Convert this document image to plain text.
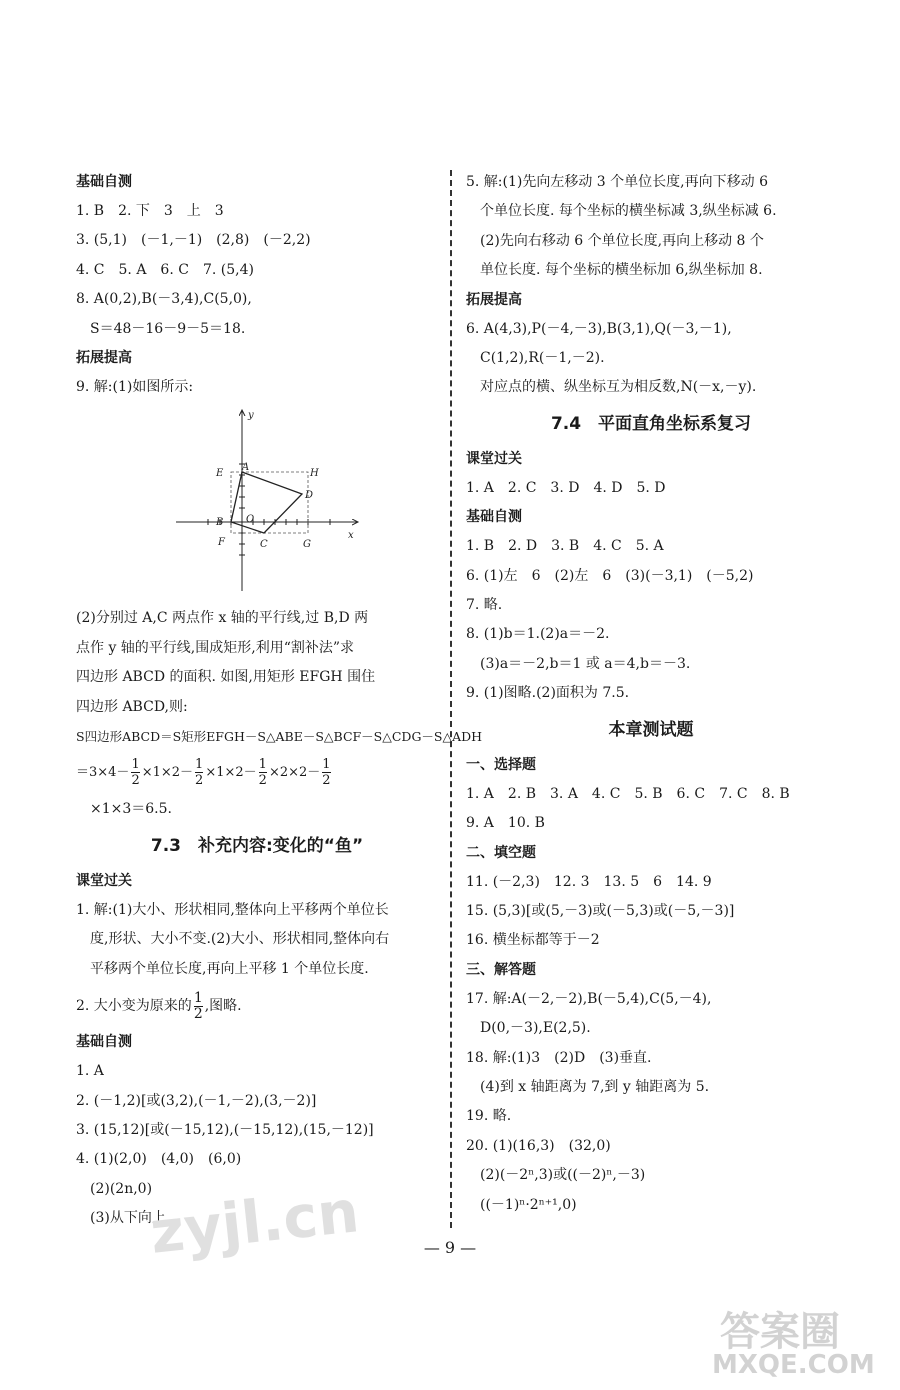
基础自测
1. B　2. 下　3　上　3
3. (5,1)　(－1,－1)　(2,8)　(－2,2)
4. C　5. A　6. C　7. (5,4)
8. A(0,2),B(－3,4),C(5,0),
S＝48－16－9－5＝18.
拓展提高
9. 解:(1)如图所示:
y
x
E
A
H
D
B O
F	C	G
(2)分别过 A,C 两点作 x 轴的平行线,过 B,D 两
点作 y 轴的平行线,围成矩形,利用“割补法”求
四边形 ABCD 的面积. 如图,用矩形 EFGH 围住
四边形 ABCD,则:
S四边形ABCD＝S矩形EFGH－S△ABE－S△BCF－S△CDG－S△ADH
$=3\times 4- \frac{1}{2} \times 1\times 2- \frac{1}{2} \times 1\times 2- \frac{1}{2} \times 2\times 2- \frac{1}{2}$
×1×3＝6.5.
7.3　补充内容:变化的“鱼”
课堂过关
1. 解:(1)大小、形状相同,整体向上平移两个单位长
度,形状、大小不变.(2)大小、形状相同,整体向右
平移两个单位长度,再向上平移 1 个单位长度.
2. 大小变为原来的 $\frac{1}{2}$ ,图略.
基础自测
1. A
2. (－1,2)[或(3,2),(－1,－2),(3,－2)]
3. (15,12)[或(－15,12),(－15,12),(15,－12)]
4. (1)(2,0)　(4,0)　(6,0)
(2)(2n,0)
(3)从下向上.
5. 解:(1)先向左移动 3 个单位长度,再向下移动 6
个单位长度. 每个坐标的横坐标减 3,纵坐标减 6.
(2)先向右移动 6 个单位长度,再向上移动 8 个
单位长度. 每个坐标的横坐标加 6,纵坐标加 8.
拓展提高
6. A(4,3),P(－4,－3),B(3,1),Q(－3,－1),
C(1,2),R(－1,－2).
对应点的横、纵坐标互为相反数,N(－x,－y).
7.4　平面直角坐标系复习
课堂过关
1. A　2. C　3. D　4. D　5. D
基础自测
1. B　2. D　3. B　4. C　5. A
6. (1)左　6　(2)左　6　(3)(－3,1)　(－5,2)
7. 略.
8. (1)b＝1.(2)a＝－2.
(3)a＝－2,b＝1 或 a＝4,b＝－3.
9. (1)图略.(2)面积为 7.5.
本章测试题
一、选择题
1. A　2. B　3. A　4. C　5. B　6. C　7. C　8. B
9. A　10. B
二、填空题
11. (－2,3)　12. 3　13. 5　6　14. 9
15. (5,3)[或(5,－3)或(－5,3)或(－5,－3)]
16. 横坐标都等于－2
三、解答题
17. 解:A(－2,－2),B(－5,4),C(5,－4),
D(0,－3),E(2,5).
18. 解:(1)3　(2)D　(3)垂直.
(4)到 x 轴距离为 7,到 y 轴距离为 5.
19. 略.
20. (1)(16,3)　(32,0)
(2)(－2ⁿ,3)或((－2)ⁿ,－3)
((－1)ⁿ·2ⁿ⁺¹,0)
— 9 —
zyjl.cn
答案圈
MXQE.COM
